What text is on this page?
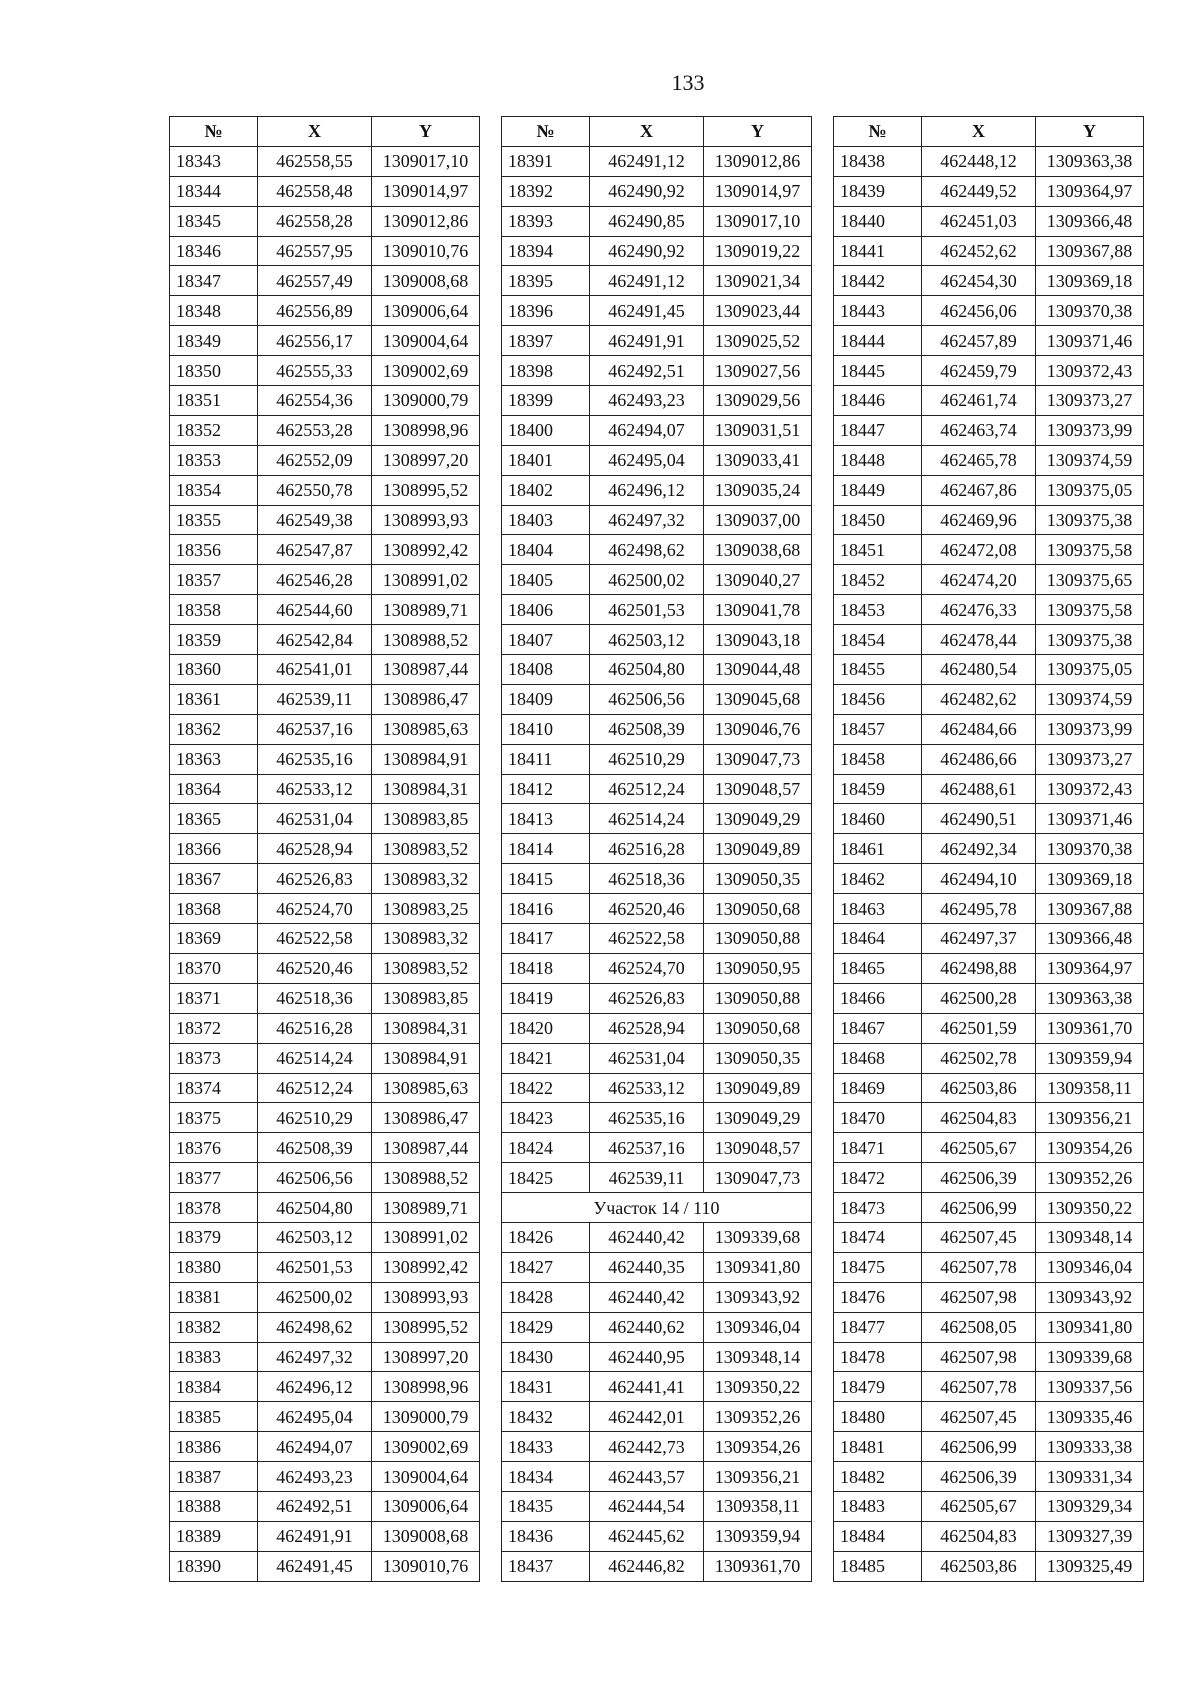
133
№	X	Y
18343	462558,55	1309017,10
18344	462558,48	1309014,97
18345	462558,28	1309012,86
18346	462557,95	1309010,76
18347	462557,49	1309008,68
18348	462556,89	1309006,64
18349	462556,17	1309004,64
18350	462555,33	1309002,69
18351	462554,36	1309000,79
18352	462553,28	1308998,96
18353	462552,09	1308997,20
18354	462550,78	1308995,52
18355	462549,38	1308993,93
18356	462547,87	1308992,42
18357	462546,28	1308991,02
18358	462544,60	1308989,71
18359	462542,84	1308988,52
18360	462541,01	1308987,44
18361	462539,11	1308986,47
18362	462537,16	1308985,63
18363	462535,16	1308984,91
18364	462533,12	1308984,31
18365	462531,04	1308983,85
18366	462528,94	1308983,52
18367	462526,83	1308983,32
18368	462524,70	1308983,25
18369	462522,58	1308983,32
18370	462520,46	1308983,52
18371	462518,36	1308983,85
18372	462516,28	1308984,31
18373	462514,24	1308984,91
18374	462512,24	1308985,63
18375	462510,29	1308986,47
18376	462508,39	1308987,44
18377	462506,56	1308988,52
18378	462504,80	1308989,71
18379	462503,12	1308991,02
18380	462501,53	1308992,42
18381	462500,02	1308993,93
18382	462498,62	1308995,52
18383	462497,32	1308997,20
18384	462496,12	1308998,96
18385	462495,04	1309000,79
18386	462494,07	1309002,69
18387	462493,23	1309004,64
18388	462492,51	1309006,64
18389	462491,91	1309008,68
18390	462491,45	1309010,76
№	X	Y
18391	462491,12	1309012,86
18392	462490,92	1309014,97
18393	462490,85	1309017,10
18394	462490,92	1309019,22
18395	462491,12	1309021,34
18396	462491,45	1309023,44
18397	462491,91	1309025,52
18398	462492,51	1309027,56
18399	462493,23	1309029,56
18400	462494,07	1309031,51
18401	462495,04	1309033,41
18402	462496,12	1309035,24
18403	462497,32	1309037,00
18404	462498,62	1309038,68
18405	462500,02	1309040,27
18406	462501,53	1309041,78
18407	462503,12	1309043,18
18408	462504,80	1309044,48
18409	462506,56	1309045,68
18410	462508,39	1309046,76
18411	462510,29	1309047,73
18412	462512,24	1309048,57
18413	462514,24	1309049,29
18414	462516,28	1309049,89
18415	462518,36	1309050,35
18416	462520,46	1309050,68
18417	462522,58	1309050,88
18418	462524,70	1309050,95
18419	462526,83	1309050,88
18420	462528,94	1309050,68
18421	462531,04	1309050,35
18422	462533,12	1309049,89
18423	462535,16	1309049,29
18424	462537,16	1309048,57
18425	462539,11	1309047,73
Участок 14 / 110		
18426	462440,42	1309339,68
18427	462440,35	1309341,80
18428	462440,42	1309343,92
18429	462440,62	1309346,04
18430	462440,95	1309348,14
18431	462441,41	1309350,22
18432	462442,01	1309352,26
18433	462442,73	1309354,26
18434	462443,57	1309356,21
18435	462444,54	1309358,11
18436	462445,62	1309359,94
18437	462446,82	1309361,70
№	X	Y
18438	462448,12	1309363,38
18439	462449,52	1309364,97
18440	462451,03	1309366,48
18441	462452,62	1309367,88
18442	462454,30	1309369,18
18443	462456,06	1309370,38
18444	462457,89	1309371,46
18445	462459,79	1309372,43
18446	462461,74	1309373,27
18447	462463,74	1309373,99
18448	462465,78	1309374,59
18449	462467,86	1309375,05
18450	462469,96	1309375,38
18451	462472,08	1309375,58
18452	462474,20	1309375,65
18453	462476,33	1309375,58
18454	462478,44	1309375,38
18455	462480,54	1309375,05
18456	462482,62	1309374,59
18457	462484,66	1309373,99
18458	462486,66	1309373,27
18459	462488,61	1309372,43
18460	462490,51	1309371,46
18461	462492,34	1309370,38
18462	462494,10	1309369,18
18463	462495,78	1309367,88
18464	462497,37	1309366,48
18465	462498,88	1309364,97
18466	462500,28	1309363,38
18467	462501,59	1309361,70
18468	462502,78	1309359,94
18469	462503,86	1309358,11
18470	462504,83	1309356,21
18471	462505,67	1309354,26
18472	462506,39	1309352,26
18473	462506,99	1309350,22
18474	462507,45	1309348,14
18475	462507,78	1309346,04
18476	462507,98	1309343,92
18477	462508,05	1309341,80
18478	462507,98	1309339,68
18479	462507,78	1309337,56
18480	462507,45	1309335,46
18481	462506,99	1309333,38
18482	462506,39	1309331,34
18483	462505,67	1309329,34
18484	462504,83	1309327,39
18485	462503,86	1309325,49
